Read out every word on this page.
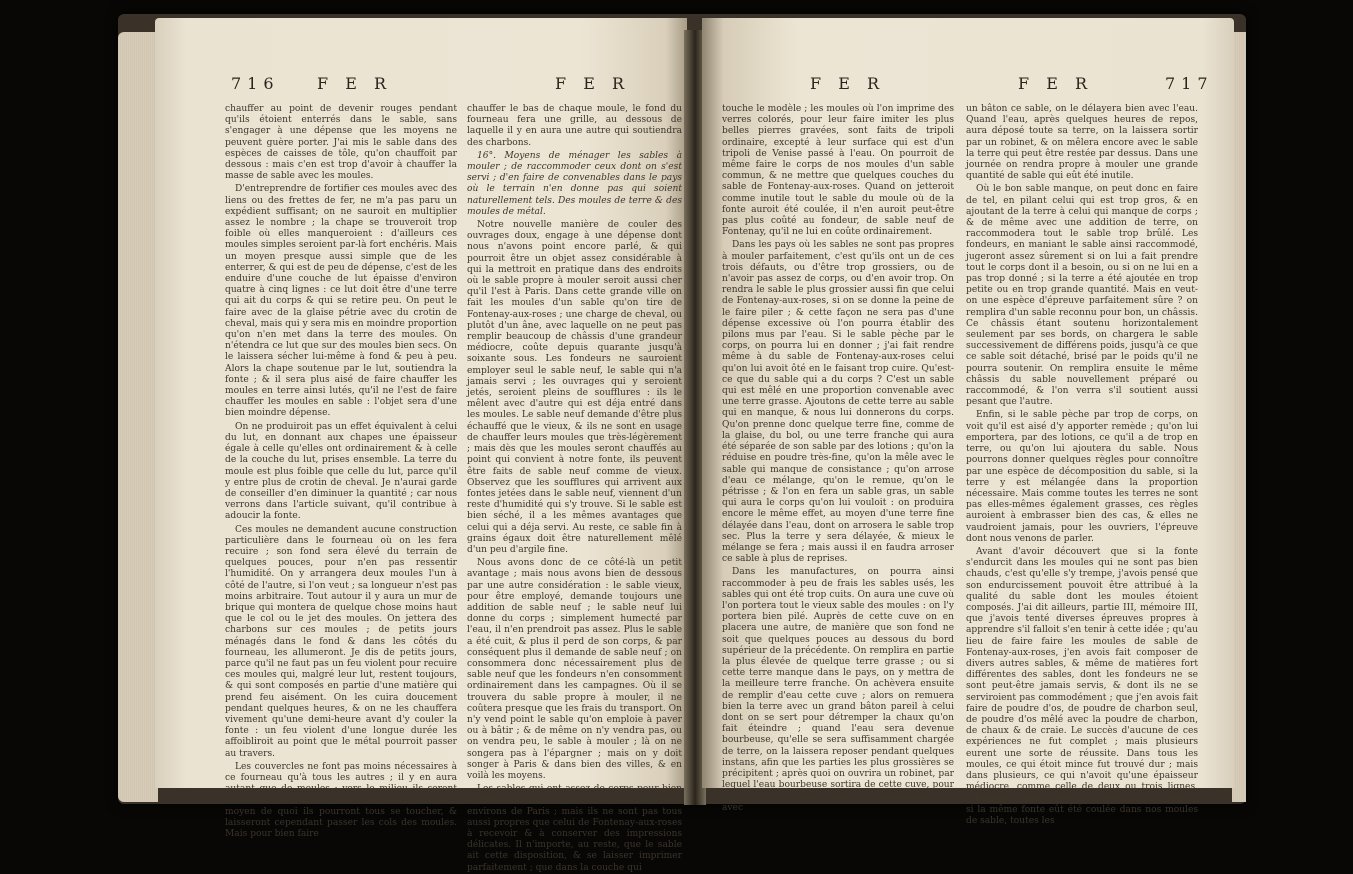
716 F E R	F E R

chauffer au point de devenir rouges pendant qu'ils étoient enterrés dans le sable, sans s'engager à une dépense que les moyens ne peuvent guère porter. J'ai mis le sable dans des espèces de caisses de tôle, qu'on chauffoit par dessous : mais c'en est trop d'avoir à chauffer la masse de sable avec les moules.

D'entreprendre de fortifier ces moules avec des liens ou des frettes de fer, ne m'a pas paru un expédient suffisant; on ne sauroit en multiplier assez le nombre ; la chape se trouveroit trop foible où elles manqueroient : d'ailleurs ces moules simples seroient par-là fort enchéris. Mais un moyen presque aussi simple que de les enterrer, & qui est de peu de dépense, c'est de les enduire d'une couche de lut épaisse d'environ quatre à cinq lignes : ce lut doit être d'une terre qui ait du corps & qui se retire peu. On peut le faire avec de la glaise pétrie avec du crotin de cheval, mais qui y sera mis en moindre proportion qu'on n'en met dans la terre des moules. On n'étendra ce lut que sur des moules bien secs. On le laissera sécher lui-même à fond & peu à peu. Alors la chape soutenue par le lut, soutiendra la fonte ; & il sera plus aisé de faire chauffer les moules en terre ainsi lutés, qu'il ne l'est de faire chauffer les moules en sable : l'objet sera d'une bien moindre dépense.

On ne produiroit pas un effet équivalent à celui du lut, en donnant aux chapes une épaisseur égale à celle qu'elles ont ordinairement & à celle de la couche du lut, prises ensemble. La terre du moule est plus foible que celle du lut, parce qu'il y entre plus de crotin de cheval. Je n'aurai garde de conseiller d'en diminuer la quantité ; car nous verrons dans l'article suivant, qu'il contribue à adoucir la fonte.

Ces moules ne demandent aucune construction particulière dans le fourneau où on les fera recuire ; son fond sera élevé du terrain de quelques pouces, pour n'en pas ressentir l'humidité. On y arrangera deux moules l'un à côté de l'autre, si l'on veut ; sa longueur n'est pas moins arbitraire. Tout autour il y aura un mur de brique qui montera de quelque chose moins haut que le col ou le jet des moules. On jettera des charbons sur ces moules ; de petits jours ménagés dans le fond & dans les côtés du fourneau, les allumeront. Je dis de petits jours, parce qu'il ne faut pas un feu violent pour recuire ces moules qui, malgré leur lut, restent toujours, & qui sont composés en partie d'une matière qui prend feu aisément. On les cuira doucement pendant quelques heures, & on ne les chauffera vivement qu'une demi-heure avant d'y couler la fonte : un feu violent d'une longue durée les affoibliroit au point que le métal pourroit passer au travers.

Les couvercles ne font pas moins nécessaires à ce fourneau qu'à tous les autres ; il y en aura autant que de moules ; vers le milieu ils seront échancrés de chaque côté en demi-cercle, au moyen de quoi ils pourront tous se toucher, & laisseront cependant passer les cols des moules. Mais pour bien faire

chauffer le bas de chaque moule, le fond du fourneau fera une grille, au dessous de laquelle il y en aura une autre qui soutiendra des charbons.

16°. Moyens de ménager les sables à mouler ; de raccommoder ceux dont on s'est servi ; d'en faire de convenables dans le pays où le terrain n'en donne pas qui soient naturellement tels. Des moules de terre & des moules de métal.

Notre nouvelle manière de couler des ouvrages doux, engage à une dépense dont nous n'avons point encore parlé, & qui pourroit être un objet assez considérable à qui la mettroit en pratique dans des endroits où le sable propre à mouler seroit aussi cher qu'il l'est à Paris. Dans cette grande ville on fait les moules d'un sable qu'on tire de Fontenay-aux-roses ; une charge de cheval, ou plutôt d'un âne, avec laquelle on ne peut pas remplir beaucoup de châssis d'une grandeur médiocre, coûte depuis quarante jusqu'à soixante sous. Les fondeurs ne sauroient employer seul le sable neuf, le sable qui n'a jamais servi ; les ouvrages qui y seroient jetés, seroient pleins de soufflures : ils le mêlent avec d'autre qui est déja entré dans les moules. Le sable neuf demande d'être plus échauffé que le vieux, & ils ne sont en usage de chauffer leurs moules que très-légèrement ; mais dès que les moules seront chauffés au point qui convient à notre fonte, ils peuvent être faits de sable neuf comme de vieux. Observez que les soufflures qui arrivent aux fontes jetées dans le sable neuf, viennent d'un reste d'humidité qui s'y trouve. Si le sable est bien séché, il a les mêmes avantages que celui qui a déja servi. Au reste, ce sable fin à grains égaux doit être naturellement mêlé d'un peu d'argile fine.

Nous avons donc de ce côté-là un petit avantage ; mais nous avons bien de dessous par une autre considération : le sable vieux, pour être employé, demande toujours une addition de sable neuf ; le sable neuf lui donne du corps ; simplement humecté par l'eau, il n'en prendroit pas assez. Plus le sable a été cuit, & plus il perd de son corps, & par conséquent plus il demande de sable neuf ; on consommera donc nécessairement plus de sable neuf que les fondeurs n'en consomment ordinairement dans les campagnes. Où il se trouvera du sable propre à mouler, il ne coûtera presque que les frais du transport. On n'y vend point le sable qu'on emploie à paver ou à bâtir ; & de même on n'y vendra pas, ou on vendra peu, le sable à mouler ; là on ne songera pas à l'épargner ; mais on y doit songer à Paris & dans bien des villes, & en voilà les moyens.

Les sables qui ont assez de corps pour bien tenir dans le moule, ne sont pas rares aux environs de Paris ; mais ils ne sont pas tous aussi propres que celui de Fontenay-aux-roses à recevoir & à conserver des impressions délicates. Il n'importe, au reste, que le sable ait cette disposition, & se laisser imprimer parfaitement ; que dans la couche qui

F E R	F E R	717

touche le modèle ; les moules où l'on imprime des verres colorés, pour leur faire imiter les plus belles pierres gravées, sont faits de tripoli ordinaire, excepté à leur surface qui est d'un tripoli de Venise passé à l'eau. On pourroit de même faire le corps de nos moules d'un sable commun, & ne mettre que quelques couches du sable de Fontenay-aux-roses. Quand on jetteroit comme inutile tout le sable du moule où de la fonte auroit été coulée, il n'en auroit peut-être pas plus coûté au fondeur, de sable neuf de Fontenay, qu'il ne lui en coûte ordinairement.

Dans les pays où les sables ne sont pas propres à mouler parfaitement, c'est qu'ils ont un de ces trois défauts, ou d'être trop grossiers, ou de n'avoir pas assez de corps, ou d'en avoir trop. On rendra le sable le plus grossier aussi fin que celui de Fontenay-aux-roses, si on se donne la peine de le faire piler ; & cette façon ne sera pas d'une dépense excessive où l'on pourra établir des pilons mus par l'eau. Si le sable pèche par le corps, on pourra lui en donner ; j'ai fait rendre même à du sable de Fontenay-aux-roses celui qu'on lui avoit ôté en le faisant trop cuire. Qu'est-ce que du sable qui a du corps ? C'est un sable qui est mêlé en une proportion convenable avec une terre grasse. Ajoutons de cette terre au sable qui en manque, & nous lui donnerons du corps. Qu'on prenne donc quelque terre fine, comme de la glaise, du bol, ou une terre franche qui aura été séparée de son sable par des lotions ; qu'on la réduise en poudre très-fine, qu'on la mêle avec le sable qui manque de consistance ; qu'on arrose d'eau ce mélange, qu'on le remue, qu'on le pétrisse ; & l'on en fera un sable gras, un sable qui aura le corps qu'on lui vouloit : on produira encore le même effet, au moyen d'une terre fine délayée dans l'eau, dont on arrosera le sable trop sec. Plus la terre y sera délayée, & mieux le mélange se fera ; mais aussi il en faudra arroser ce sable à plus de reprises.

Dans les manufactures, on pourra ainsi raccommoder à peu de frais les sables usés, les sables qui ont été trop cuits. On aura une cuve où l'on portera tout le vieux sable des moules : on l'y portera bien pilé. Auprès de cette cuve on en placera une autre, de manière que son fond ne soit que quelques pouces au dessous du bord supérieur de la précédente. On remplira en partie la plus élevée de quelque terre grasse ; ou si cette terre manque dans le pays, on y mettra de la meilleure terre franche. On achèvera ensuite de remplir d'eau cette cuve ; alors on remuera bien la terre avec un grand bâton pareil à celui dont on se sert pour détremper la chaux qu'on fait éteindre ; quand l'eau sera devenue bourbeuse, qu'elle se sera suffisamment chargée de terre, on la laissera reposer pendant quelques instans, afin que les parties les plus grossières se précipitent ; après quoi on ouvrira un robinet, par lequel l'eau bourbeuse sortira de cette cuve, pour se rendre dans celle où est le sable. On agitera avec

un bâton ce sable, on le délayera bien avec l'eau. Quand l'eau, après quelques heures de repos, aura déposé toute sa terre, on la laissera sortir par un robinet, & on mêlera encore avec le sable la terre qui peut être restée par dessus. Dans une journée on rendra propre à mouler une grande quantité de sable qui eût été inutile.

Où le bon sable manque, on peut donc en faire de tel, en pilant celui qui est trop gros, & en ajoutant de la terre à celui qui manque de corps ; & de même avec une addition de terre, on raccommodera tout le sable trop brûlé. Les fondeurs, en maniant le sable ainsi raccommodé, jugeront assez sûrement si on lui a fait prendre tout le corps dont il a besoin, ou si on ne lui en a pas trop donné ; si la terre a été ajoutée en trop petite ou en trop grande quantité. Mais en veut-on une espèce d'épreuve parfaitement sûre ? on remplira d'un sable reconnu pour bon, un châssis. Ce châssis étant soutenu horizontalement seulement par ses bords, on chargera le sable successivement de différens poids, jusqu'à ce que ce sable soit détaché, brisé par le poids qu'il ne pourra soutenir. On remplira ensuite le même châssis du sable nouvellement préparé ou raccommodé, & l'on verra s'il soutient aussi pesant que l'autre.

Enfin, si le sable pèche par trop de corps, on voit qu'il est aisé d'y apporter remède ; qu'on lui emportera, par des lotions, ce qu'il a de trop en terre, ou qu'on lui ajoutera du sable. Nous pourrons donner quelques règles pour connoître par une espèce de décomposition du sable, si la terre y est mélangée dans la proportion nécessaire. Mais comme toutes les terres ne sont pas elles-mêmes également grasses, ces règles auroient à embrasser bien des cas, & elles ne vaudroient jamais, pour les ouvriers, l'épreuve dont nous venons de parler.

Avant d'avoir découvert que si la fonte s'endurcit dans les moules qui ne sont pas bien chauds, c'est qu'elle s'y trempe, j'avois pensé que son endurcissement pouvoit être attribué à la qualité du sable dont les moules étoient composés. J'ai dit ailleurs, partie III, mémoire III, que j'avois tenté diverses épreuves propres à apprendre s'il falloit s'en tenir à cette idée ; qu'au lieu de faire faire les moules de sable de Fontenay-aux-roses, j'en avois fait composer de divers autres sables, & même de matières fort différentes des sables, dont les fondeurs ne se sont peut-être jamais servis, & dont ils ne se serviroient pas commodément ; que j'en avois fait faire de poudre d'os, de poudre de charbon seul, de poudre d'os mêlé avec la poudre de charbon, de chaux & de craie. Le succès d'aucune de ces expériences ne fut complet ; mais plusieurs eurent une sorte de réussite. Dans tous les moules, ce qui étoit mince fut trouvé dur ; mais dans plusieurs, ce qui n'avoit qu'une épaisseur médiocre, comme celle de deux ou trois lignes, fut trouvé doux, & certainement ne l'eût pas été si la même fonte eût été coulée dans nos moules de sable, toutes les
